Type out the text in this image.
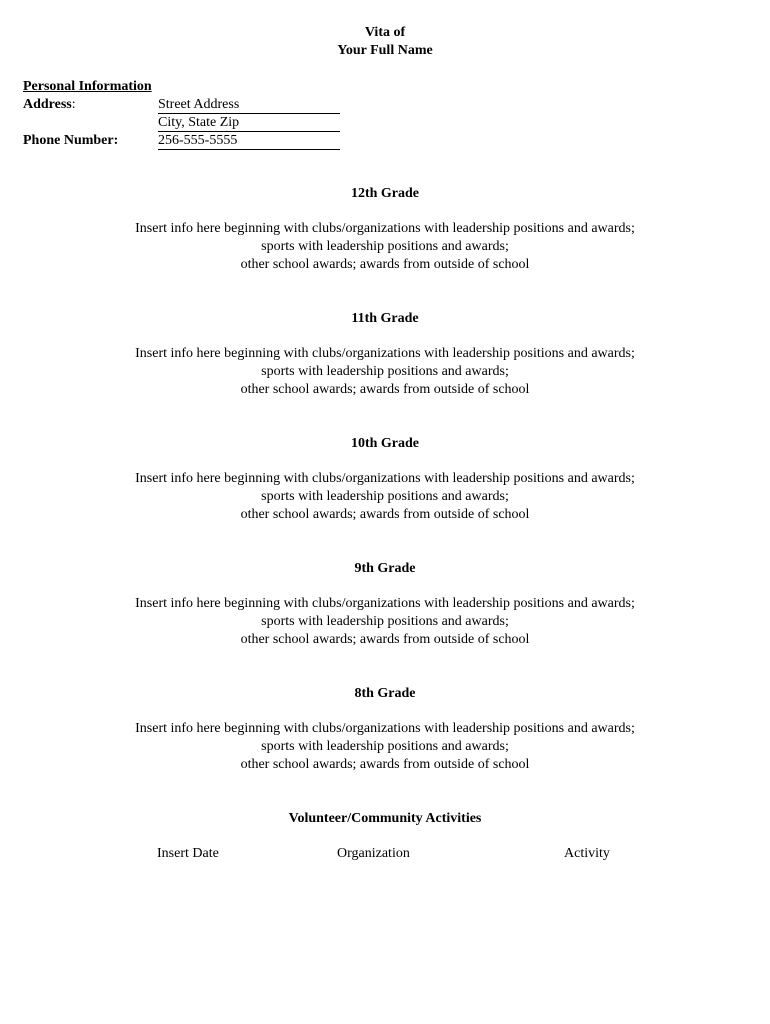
Vita of
Your Full Name
Personal Information
Address:	Street Address
City, State Zip
Phone Number:	256-555-5555
12th Grade
Insert info here beginning with clubs/organizations with leadership positions and awards;
sports with leadership positions and awards;
other school awards; awards from outside of school
11th Grade
Insert info here beginning with clubs/organizations with leadership positions and awards;
sports with leadership positions and awards;
other school awards; awards from outside of school
10th Grade
Insert info here beginning with clubs/organizations with leadership positions and awards;
sports with leadership positions and awards;
other school awards; awards from outside of school
9th Grade
Insert info here beginning with clubs/organizations with leadership positions and awards;
sports with leadership positions and awards;
other school awards; awards from outside of school
8th Grade
Insert info here beginning with clubs/organizations with leadership positions and awards;
sports with leadership positions and awards;
other school awards; awards from outside of school
Volunteer/Community Activities
Insert Date	Organization	Activity
